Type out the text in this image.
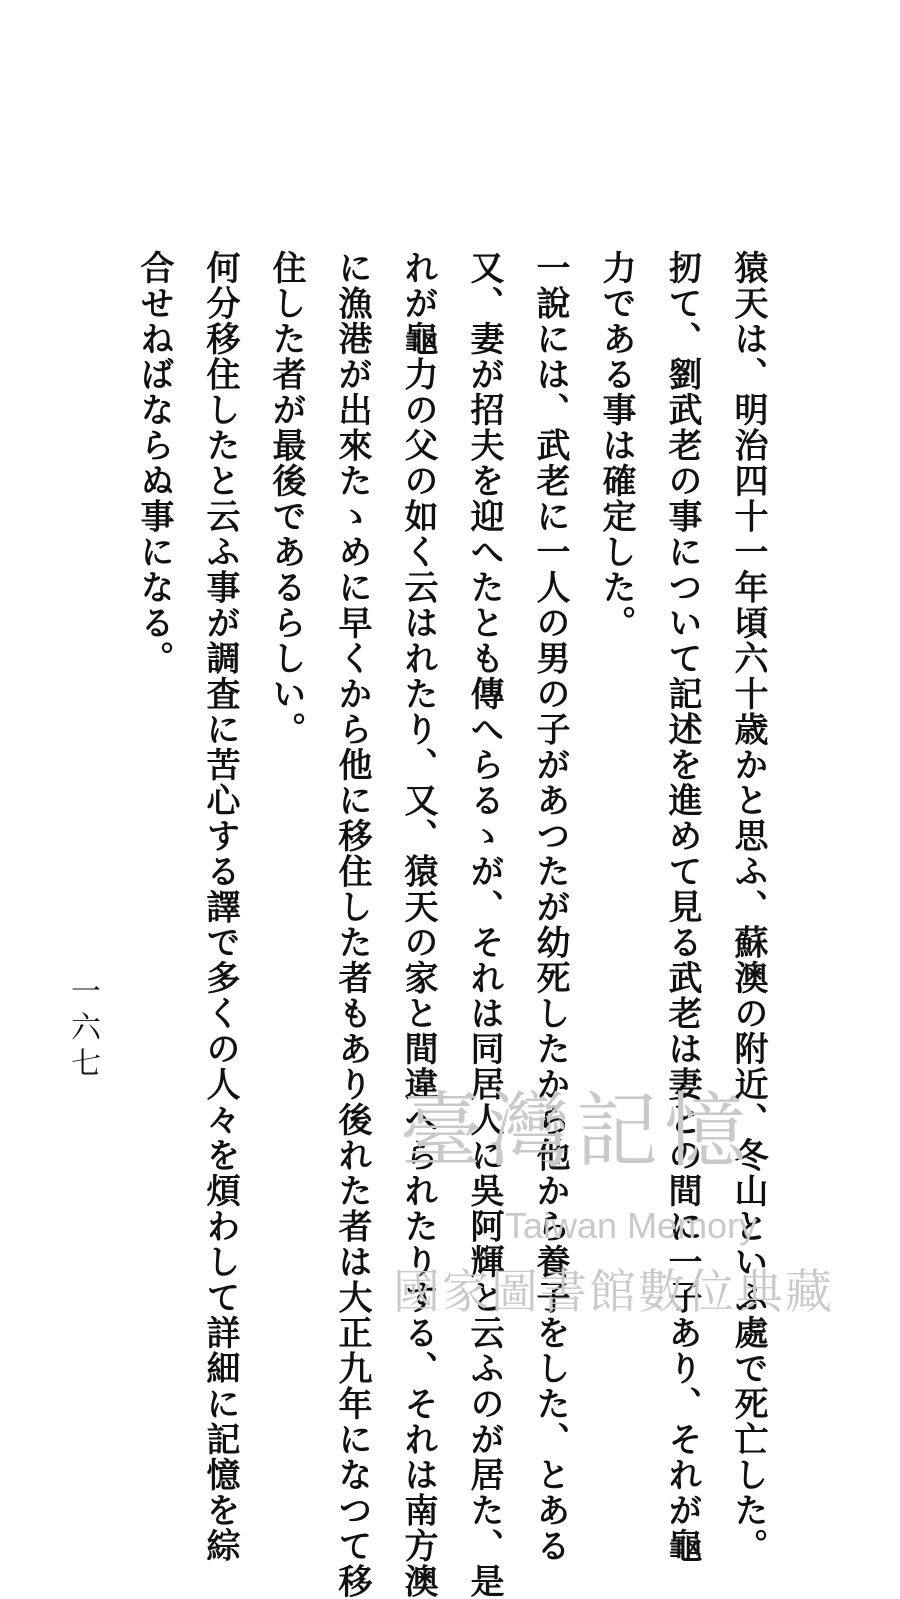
猿天は、明治四十一年頃六十歳かと思ふ、蘇澳の附近、冬山といふ處で死亡した。
扨て、劉武老の事について記述を進めて見る武老は妻との間に一子あり、それが龜
力である事は確定した。
一說には、武老に一人の男の子があつたが幼死したから他から養子をした、とある
又、妻が招夫を迎へたとも傳へらるゝが、それは同居人に吳阿輝と云ふのが居た、是
れが龜力の父の如く云はれたり、又、猿天の家と間違へられたりする、それは南方澳
に漁港が出來たゝめに早くから他に移住した者もあり後れた者は大正九年になつて移
住した者が最後であるらしい。
何分移住したと云ふ事が調査に苦心する譯で多くの人々を煩わして詳細に記憶を綜
合せねばならぬ事になる。
一六七
臺灣記憶
Taiwan Memory
國家圖書館數位典藏
